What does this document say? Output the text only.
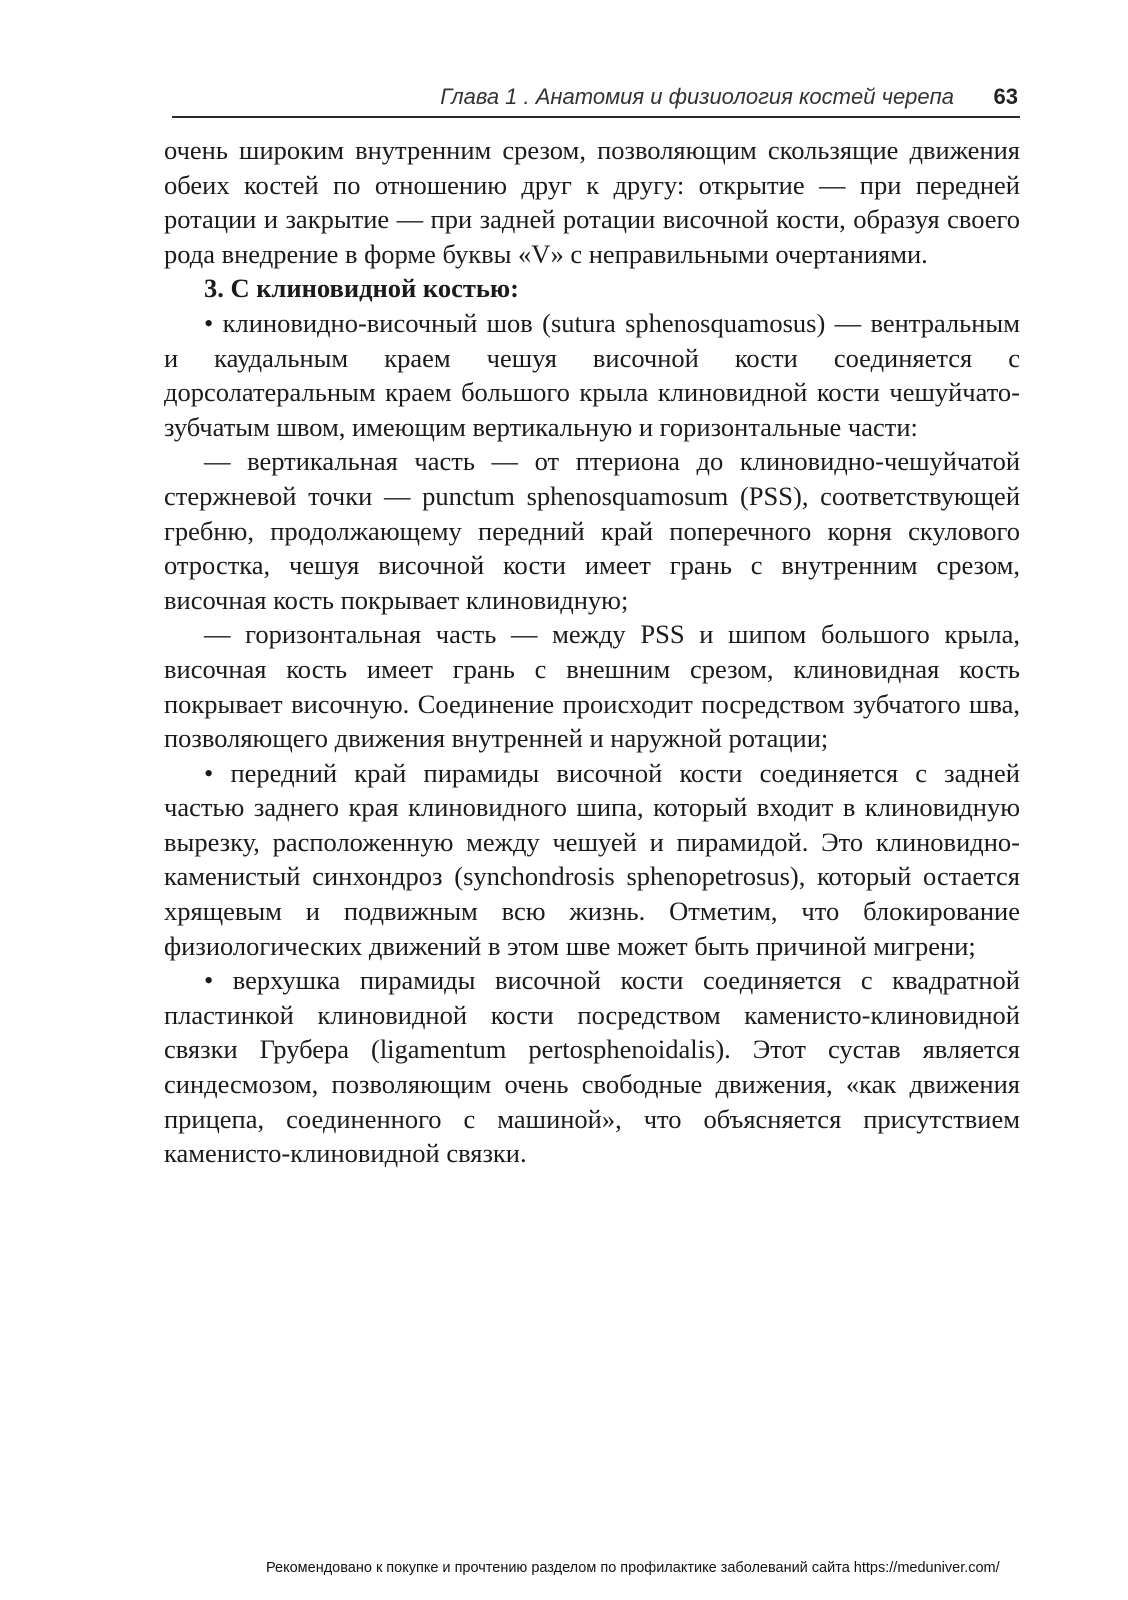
Глава 1 . Анатомия и физиология костей черепа 63

очень широким внутренним срезом, позволяющим скользящие движения обеих костей по отношению друг к другу: открытие — при передней ротации и закрытие — при задней ротации височной кости, образуя своего рода внедрение в форме буквы «V» с неправильными очертаниями.

3. С клиновидной костью:

• клиновидно-височный шов (sutura sphenosquamosus) — вентральным и каудальным краем чешуя височной кости соединяется с дорсолатеральным краем большого крыла клиновидной кости чешуйчато-зубчатым швом, имеющим вертикальную и горизонтальные части:

— вертикальная часть — от птериона до клиновидно-чешуйчатой стержневой точки — punctum sphenosquamosum (PSS), соответствующей гребню, продолжающему передний край поперечного корня скулового отростка, чешуя височной кости имеет грань с внутренним срезом, височная кость покрывает клиновидную;

— горизонтальная часть — между PSS и шипом большого крыла, височная кость имеет грань с внешним срезом, клиновидная кость покрывает височную. Соединение происходит посредством зубчатого шва, позволяющего движения внутренней и наружной ротации;

• передний край пирамиды височной кости соединяется с задней частью заднего края клиновидного шипа, который входит в клиновидную вырезку, расположенную между чешуей и пирамидой. Это клиновидно-каменистый синхондроз (synchondrosis sphenopetrosus), который остается хрящевым и подвижным всю жизнь. Отметим, что блокирование физиологических движений в этом шве может быть причиной мигрени;

• верхушка пирамиды височной кости соединяется с квадратной пластинкой клиновидной кости посредством каменисто-клиновидной связки Грубера (ligamentum pertosphenoidalis). Этот сустав является синдесмозом, позволяющим очень свободные движения, «как движения прицепа, соединенного с машиной», что объясняется присутствием каменисто-клиновидной связки.

Рекомендовано к покупке и прочтению разделом по профилактике заболеваний сайта https://meduniver.com/
